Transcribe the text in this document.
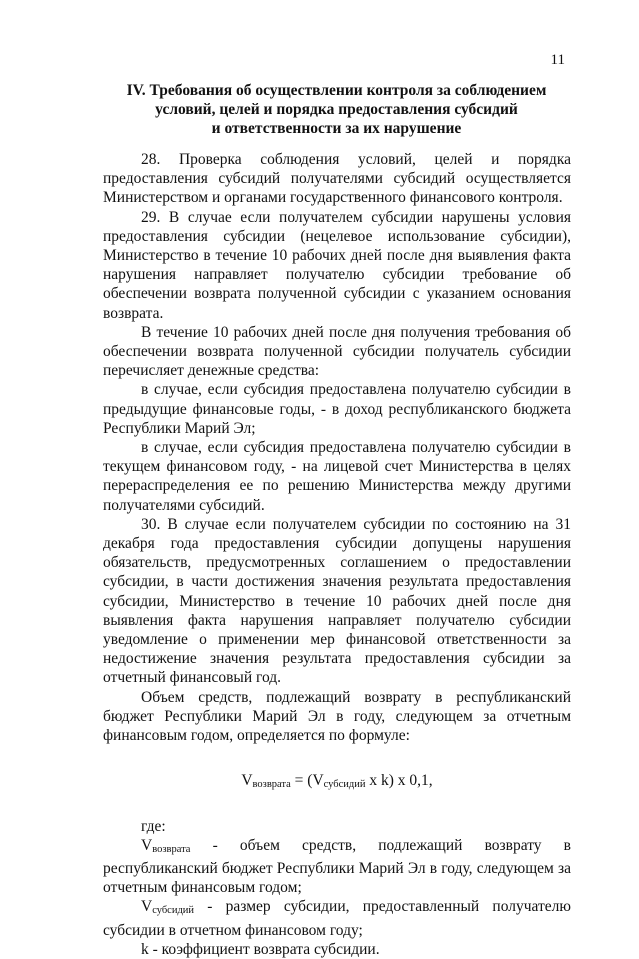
11
IV. Требования об осуществлении контроля за соблюдением
условий, целей и порядка предоставления субсидий
и ответственности за их нарушение

28. Проверка соблюдения условий, целей и порядка предоставления субсидий получателями субсидий осуществляется Министерством и органами государственного финансового контроля.

29. В случае если получателем субсидии нарушены условия предоставления субсидии (нецелевое использование субсидии), Министерство в течение 10 рабочих дней после дня выявления факта нарушения направляет получателю субсидии требование об обеспечении возврата полученной субсидии с указанием основания возврата.

В течение 10 рабочих дней после дня получения требования об обеспечении возврата полученной субсидии получатель субсидии перечисляет денежные средства:

в случае, если субсидия предоставлена получателю субсидии в предыдущие финансовые годы, - в доход республиканского бюджета Республики Марий Эл;

в случае, если субсидия предоставлена получателю субсидии в текущем финансовом году, - на лицевой счет Министерства в целях перераспределения ее по решению Министерства между другими получателями субсидий.

30. В случае если получателем субсидии по состоянию на 31 декабря года предоставления субсидии допущены нарушения обязательств, предусмотренных соглашением о предоставлении субсидии, в части достижения значения результата предоставления субсидии, Министерство в течение 10 рабочих дней после дня выявления факта нарушения направляет получателю субсидии уведомление о применении мер финансовой ответственности за недостижение значения результата предоставления субсидии за отчетный финансовый год.

Объем средств, подлежащий возврату в республиканский бюджет Республики Марий Эл в году, следующем за отчетным финансовым годом, определяется по формуле:

Vвозврата = (Vсубсидий x k) x 0,1,

где:

Vвозврата - объем средств, подлежащий возврату в республиканский бюджет Республики Марий Эл в году, следующем за отчетным финансовым годом;

Vсубсидий - размер субсидии, предоставленный получателю субсидии в отчетном финансовом году;

k - коэффициент возврата субсидии.
